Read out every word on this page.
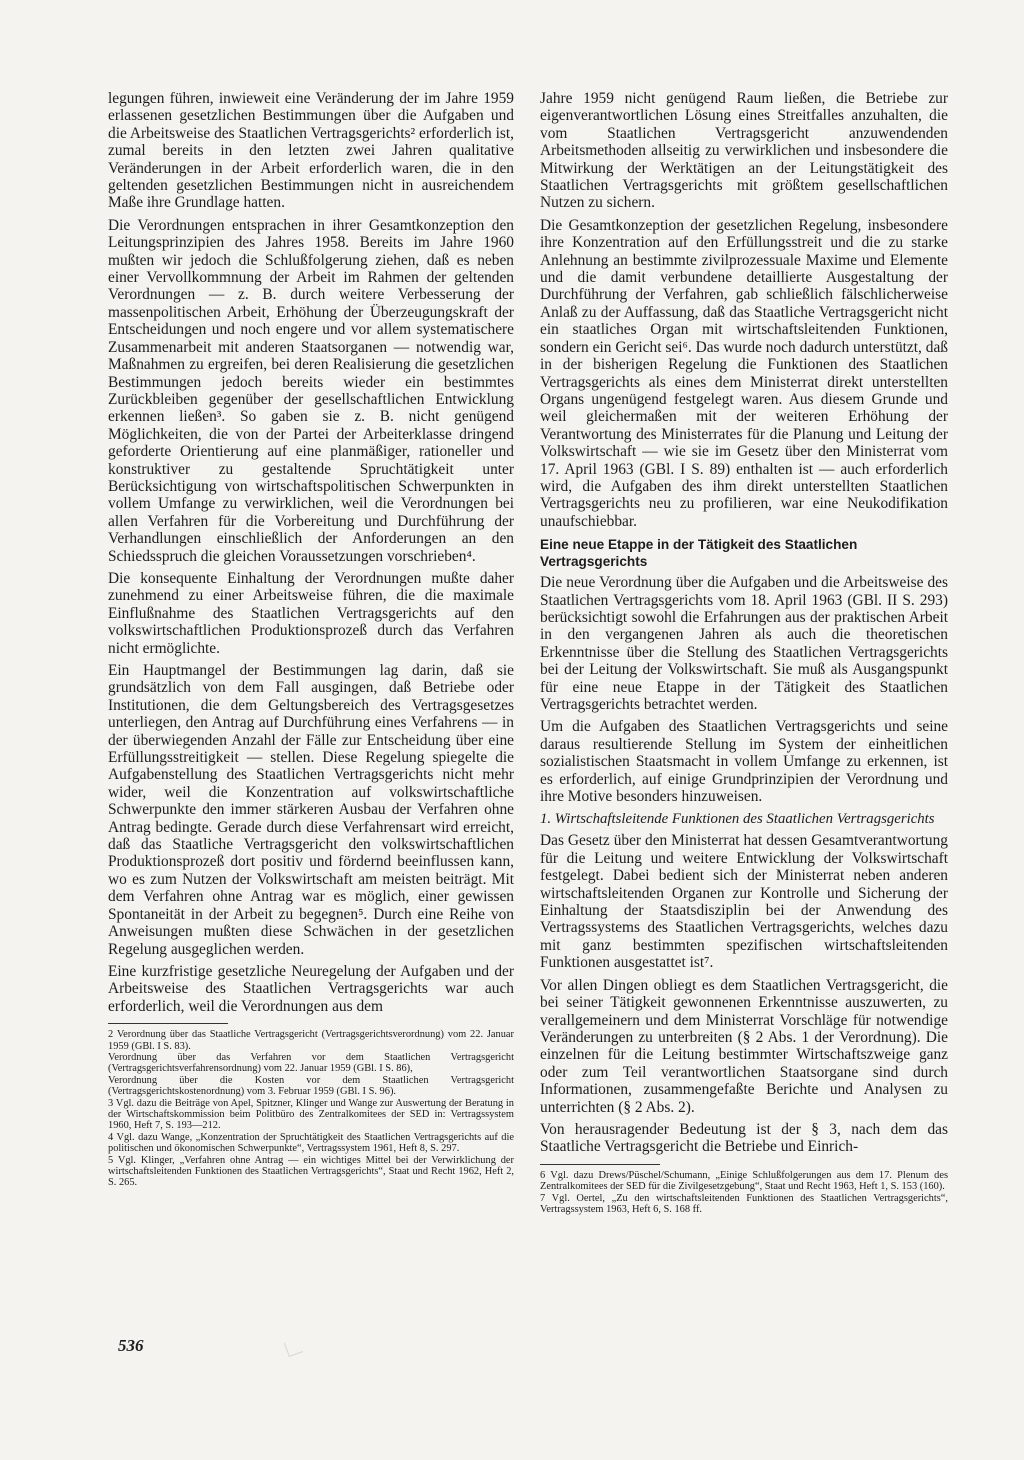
legungen führen, inwieweit eine Veränderung der im Jahre 1959 erlassenen gesetzlichen Bestimmungen über die Aufgaben und die Arbeitsweise des Staatlichen Vertragsgerichts² erforderlich ist, zumal bereits in den letzten zwei Jahren qualitative Veränderungen in der Arbeit erforderlich waren, die in den geltenden gesetzlichen Bestimmungen nicht in ausreichendem Maße ihre Grundlage hatten.

Die Verordnungen entsprachen in ihrer Gesamtkonzeption den Leitungsprinzipien des Jahres 1958. Bereits im Jahre 1960 mußten wir jedoch die Schlußfolgerung ziehen, daß es neben einer Vervollkommnung der Arbeit im Rahmen der geltenden Verordnungen — z. B. durch weitere Verbesserung der massenpolitischen Arbeit, Erhöhung der Überzeugungskraft der Entscheidungen und noch engere und vor allem systematischere Zusammenarbeit mit anderen Staatsorganen — notwendig war, Maßnahmen zu ergreifen, bei deren Realisierung die gesetzlichen Bestimmungen jedoch bereits wieder ein bestimmtes Zurückbleiben gegenüber der gesellschaftlichen Entwicklung erkennen ließen³. So gaben sie z. B. nicht genügend Möglichkeiten, die von der Partei der Arbeiterklasse dringend geforderte Orientierung auf eine planmäßiger, rationeller und konstruktiver zu gestaltende Spruchtätigkeit unter Berücksichtigung von wirtschaftspolitischen Schwerpunkten in vollem Umfange zu verwirklichen, weil die Verordnungen bei allen Verfahren für die Vorbereitung und Durchführung der Verhandlungen einschließlich der Anforderungen an den Schiedsspruch die gleichen Voraussetzungen vorschrieben⁴.

Die konsequente Einhaltung der Verordnungen mußte daher zunehmend zu einer Arbeitsweise führen, die die maximale Einflußnahme des Staatlichen Vertragsgerichts auf den volkswirtschaftlichen Produktionsprozeß durch das Verfahren nicht ermöglichte.

Ein Hauptmangel der Bestimmungen lag darin, daß sie grundsätzlich von dem Fall ausgingen, daß Betriebe oder Institutionen, die dem Geltungsbereich des Vertragsgesetzes unterliegen, den Antrag auf Durchführung eines Verfahrens — in der überwiegenden Anzahl der Fälle zur Entscheidung über eine Erfüllungsstreitigkeit — stellen. Diese Regelung spiegelte die Aufgabenstellung des Staatlichen Vertragsgerichts nicht mehr wider, weil die Konzentration auf volkswirtschaftliche Schwerpunkte den immer stärkeren Ausbau der Verfahren ohne Antrag bedingte. Gerade durch diese Verfahrensart wird erreicht, daß das Staatliche Vertragsgericht den volkswirtschaftlichen Produktionsprozeß dort positiv und fördernd beeinflussen kann, wo es zum Nutzen der Volkswirtschaft am meisten beiträgt. Mit dem Verfahren ohne Antrag war es möglich, einer gewissen Spontaneität in der Arbeit zu begegnen⁵. Durch eine Reihe von Anweisungen mußten diese Schwächen in der gesetzlichen Regelung ausgeglichen werden.

Eine kurzfristige gesetzliche Neuregelung der Aufgaben und der Arbeitsweise des Staatlichen Vertragsgerichts war auch erforderlich, weil die Verordnungen aus dem

2 Verordnung über das Staatliche Vertragsgericht (Vertragsgerichtsverordnung) vom 22. Januar 1959 (GBl. I S. 83).
Verordnung über das Verfahren vor dem Staatlichen Vertragsgericht (Vertragsgerichtsverfahrensordnung) vom 22. Januar 1959 (GBl. I S. 86),
Verordnung über die Kosten vor dem Staatlichen Vertragsgericht (Vertragsgerichtskostenordnung) vom 3. Februar 1959 (GBl. I S. 96).
3 Vgl. dazu die Beiträge von Apel, Spitzner, Klinger und Wange zur Auswertung der Beratung in der Wirtschaftskommission beim Politbüro des Zentralkomitees der SED in: Vertragssystem 1960, Heft 7, S. 193—212.
4 Vgl. dazu Wange, „Konzentration der Spruchtätigkeit des Staatlichen Vertragsgerichts auf die politischen und ökonomischen Schwerpunkte“, Vertragssystem 1961, Heft 8, S. 297.
5 Vgl. Klinger, „Verfahren ohne Antrag — ein wichtiges Mittel bei der Verwirklichung der wirtschaftsleitenden Funktionen des Staatlichen Vertragsgerichts“, Staat und Recht 1962, Heft 2, S. 265.

Jahre 1959 nicht genügend Raum ließen, die Betriebe zur eigenverantwortlichen Lösung eines Streitfalles anzuhalten, die vom Staatlichen Vertragsgericht anzuwendenden Arbeitsmethoden allseitig zu verwirklichen und insbesondere die Mitwirkung der Werktätigen an der Leitungstätigkeit des Staatlichen Vertragsgerichts mit größtem gesellschaftlichen Nutzen zu sichern.

Die Gesamtkonzeption der gesetzlichen Regelung, insbesondere ihre Konzentration auf den Erfüllungsstreit und die zu starke Anlehnung an bestimmte zivilprozessuale Maxime und Elemente und die damit verbundene detaillierte Ausgestaltung der Durchführung der Verfahren, gab schließlich fälschlicherweise Anlaß zu der Auffassung, daß das Staatliche Vertragsgericht nicht ein staatliches Organ mit wirtschaftsleitenden Funktionen, sondern ein Gericht sei⁶. Das wurde noch dadurch unterstützt, daß in der bisherigen Regelung die Funktionen des Staatlichen Vertragsgerichts als eines dem Ministerrat direkt unterstellten Organs ungenügend festgelegt waren. Aus diesem Grunde und weil gleichermaßen mit der weiteren Erhöhung der Verantwortung des Ministerrates für die Planung und Leitung der Volkswirtschaft — wie sie im Gesetz über den Ministerrat vom 17. April 1963 (GBl. I S. 89) enthalten ist — auch erforderlich wird, die Aufgaben des ihm direkt unterstellten Staatlichen Vertragsgerichts neu zu profilieren, war eine Neukodifikation unaufschiebbar.

Eine neue Etappe in der Tätigkeit des Staatlichen Vertragsgerichts

Die neue Verordnung über die Aufgaben und die Arbeitsweise des Staatlichen Vertragsgerichts vom 18. April 1963 (GBl. II S. 293) berücksichtigt sowohl die Erfahrungen aus der praktischen Arbeit in den vergangenen Jahren als auch die theoretischen Erkenntnisse über die Stellung des Staatlichen Vertragsgerichts bei der Leitung der Volkswirtschaft. Sie muß als Ausgangspunkt für eine neue Etappe in der Tätigkeit des Staatlichen Vertragsgerichts betrachtet werden.

Um die Aufgaben des Staatlichen Vertragsgerichts und seine daraus resultierende Stellung im System der einheitlichen sozialistischen Staatsmacht in vollem Umfange zu erkennen, ist es erforderlich, auf einige Grundprinzipien der Verordnung und ihre Motive besonders hinzuweisen.

1. Wirtschaftsleitende Funktionen des Staatlichen Vertragsgerichts

Das Gesetz über den Ministerrat hat dessen Gesamtverantwortung für die Leitung und weitere Entwicklung der Volkswirtschaft festgelegt. Dabei bedient sich der Ministerrat neben anderen wirtschaftsleitenden Organen zur Kontrolle und Sicherung der Einhaltung der Staatsdisziplin bei der Anwendung des Vertragssystems des Staatlichen Vertragsgerichts, welches dazu mit ganz bestimmten spezifischen wirtschaftsleitenden Funktionen ausgestattet ist⁷.

Vor allen Dingen obliegt es dem Staatlichen Vertragsgericht, die bei seiner Tätigkeit gewonnenen Erkenntnisse auszuwerten, zu verallgemeinern und dem Ministerrat Vorschläge für notwendige Veränderungen zu unterbreiten (§ 2 Abs. 1 der Verordnung). Die einzelnen für die Leitung bestimmter Wirtschaftszweige ganz oder zum Teil verantwortlichen Staatsorgane sind durch Informationen, zusammengefaßte Berichte und Analysen zu unterrichten (§ 2 Abs. 2).

Von herausragender Bedeutung ist der § 3, nach dem das Staatliche Vertragsgericht die Betriebe und Einrich-

6 Vgl. dazu Drews/Püschel/Schumann, „Einige Schlußfolgerungen aus dem 17. Plenum des Zentralkomitees der SED für die Zivilgesetzgebung“, Staat und Recht 1963, Heft 1, S. 153 (160).
7 Vgl. Oertel, „Zu den wirtschaftsleitenden Funktionen des Staatlichen Vertragsgerichts“, Vertragssystem 1963, Heft 6, S. 168 ff.
536
